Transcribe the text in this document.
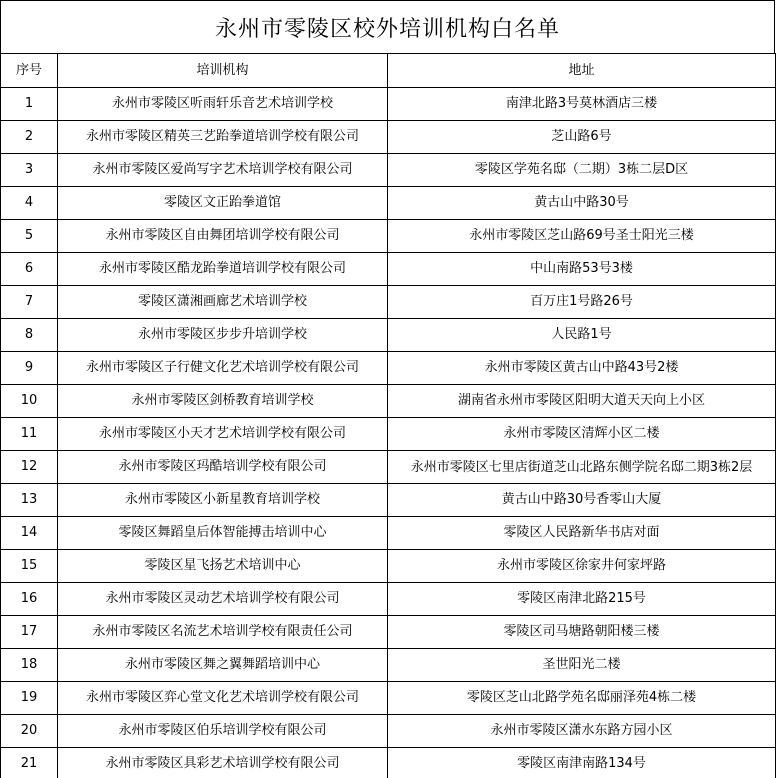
永州市零陵区校外培训机构白名单
序号	培训机构	地址
1	永州市零陵区听雨轩乐音艺术培训学校	南津北路3号莫林酒店三楼
2	永州市零陵区精英三艺跆拳道培训学校有限公司	芝山路6号
3	永州市零陵区爱尚写字艺术培训学校有限公司	零陵区学苑名邸（二期）3栋二层D区
4	零陵区文正跆拳道馆	黄古山中路30号
5	永州市零陵区自由舞团培训学校有限公司	永州市零陵区芝山路69号圣士阳光三楼
6	永州市零陵区酷龙跆拳道培训学校有限公司	中山南路53号3楼
7	零陵区潇湘画廊艺术培训学校	百万庄1号路26号
8	永州市零陵区步步升培训学校	人民路1号
9	永州市零陵区子行健文化艺术培训学校有限公司	永州市零陵区黄古山中路43号2楼
10	永州市零陵区剑桥教育培训学校	湖南省永州市零陵区阳明大道天天向上小区
11	永州市零陵区小天才艺术培训学校有限公司	永州市零陵区清辉小区二楼
12	永州市零陵区玛酷培训学校有限公司	永州市零陵区七里店街道芝山北路东侧学院名邸二期3栋2层
13	永州市零陵区小新星教育培训学校	黄古山中路30号香零山大厦
14	零陵区舞蹈皇后体智能搏击培训中心	零陵区人民路新华书店对面
15	零陵区星飞扬艺术培训中心	永州市零陵区徐家井何家坪路
16	永州市零陵区灵动艺术培训学校有限公司	零陵区南津北路215号
17	永州市零陵区名流艺术培训学校有限责任公司	零陵区司马塘路朝阳楼三楼
18	永州市零陵区舞之翼舞蹈培训中心	圣世阳光二楼
19	永州市零陵区弈心堂文化艺术培训学校有限公司	零陵区芝山北路学苑名邸丽泽苑4栋二楼
20	永州市零陵区伯乐培训学校有限公司	永州市零陵区潇水东路方园小区
21	永州市零陵区具彩艺术培训学校有限公司	零陵区南津南路134号
